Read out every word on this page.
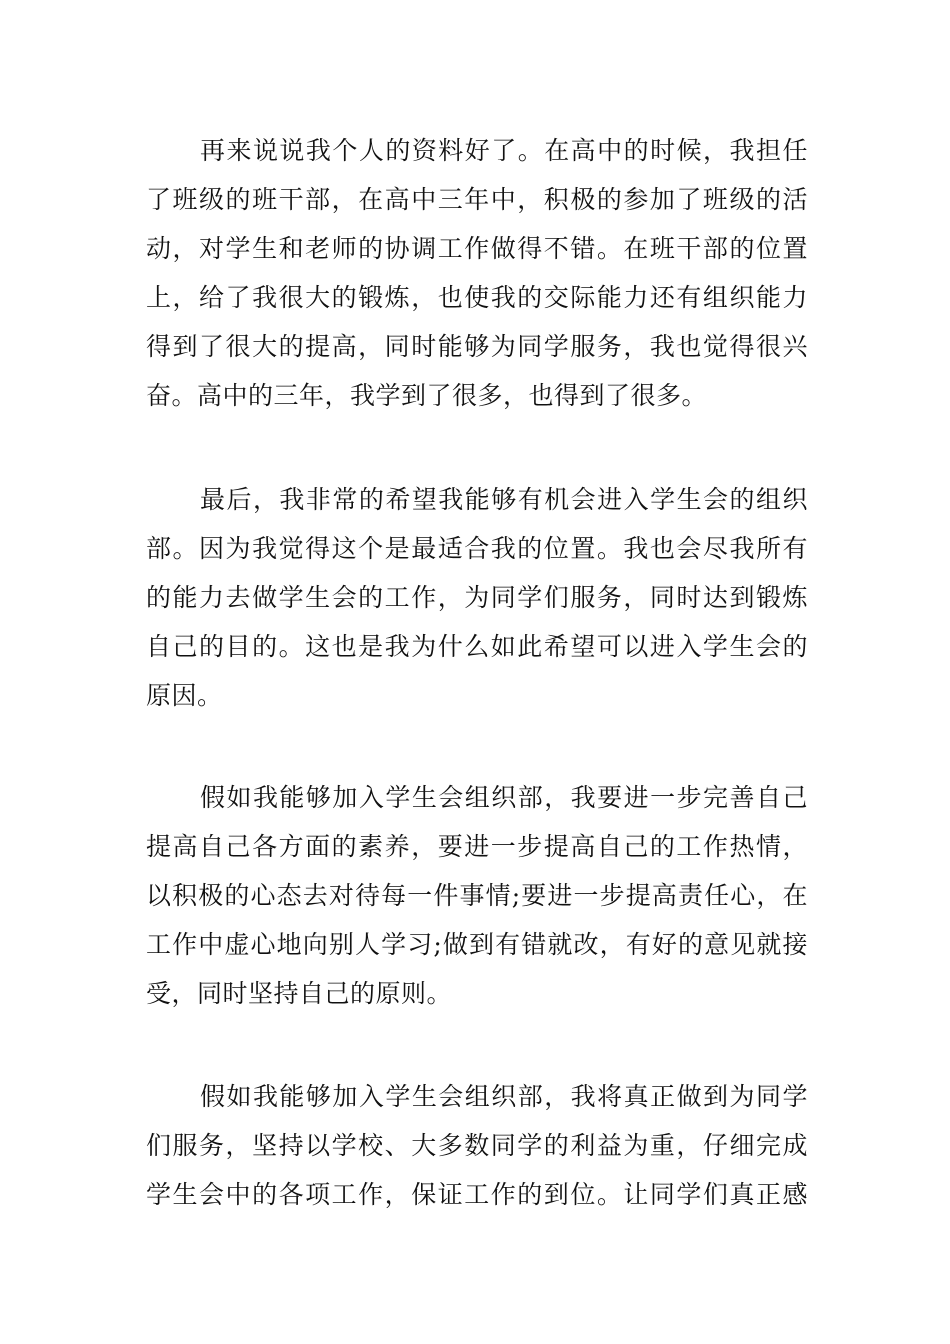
再来说说我个人的资料好了。在高中的时候，我担任
了班级的班干部，在高中三年中，积极的参加了班级的活
动，对学生和老师的协调工作做得不错。在班干部的位置
上，给了我很大的锻炼，也使我的交际能力还有组织能力
得到了很大的提高，同时能够为同学服务，我也觉得很兴
奋。高中的三年，我学到了很多，也得到了很多。
最后，我非常的希望我能够有机会进入学生会的组织
部。因为我觉得这个是最适合我的位置。我也会尽我所有
的能力去做学生会的工作，为同学们服务，同时达到锻炼
自己的目的。这也是我为什么如此希望可以进入学生会的
原因。
假如我能够加入学生会组织部，我要进一步完善自己
提高自己各方面的素养，要进一步提高自己的工作热情，
以积极的心态去对待每一件事情;要进一步提高责任心，在
工作中虚心地向别人学习;做到有错就改，有好的意见就接
受，同时坚持自己的原则。
假如我能够加入学生会组织部，我将真正做到为同学
们服务，坚持以学校、大多数同学的利益为重，仔细完成
学生会中的各项工作，保证工作的到位。让同学们真正感
